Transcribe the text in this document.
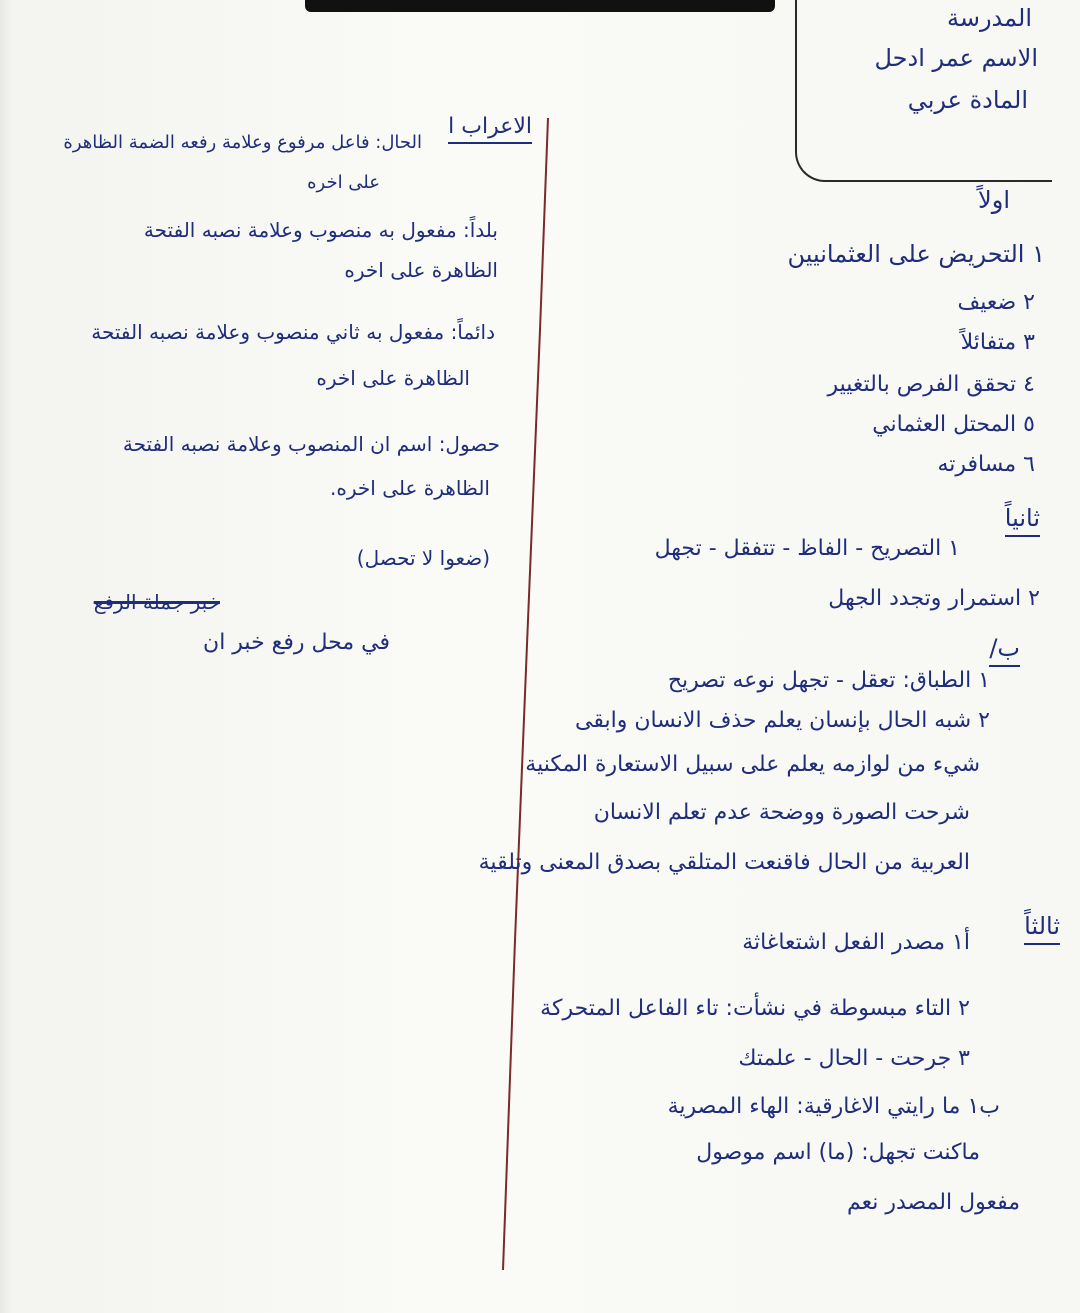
المدرسة
الاسم عمر ادحل
المادة عربي
اولاً
١ التحريض على العثمانيين
٢ ضعيف
٣ متفائلاً
٤ تحقق الفرص بالتغيير
٥ المحتل العثماني
٦ مسافرته
ثانياً
١ التصريح - الفاظ - تتفقل - تجهل
٢ استمرار وتجدد الجهل
ب/
١ الطباق: تعقل - تجهل نوعه تصريح
٢ شبه الحال بإنسان يعلم حذف الانسان وابقى
شيء من لوازمه يعلم على سبيل الاستعارة المكنية
شرحت الصورة ووضحة عدم تعلم الانسان
العربية من الحال فاقنعت المتلقي بصدق المعنى وتلقية
ثالثاً
أ١ مصدر الفعل اشتعاغاثة
٢ التاء مبسوطة في نشأت: تاء الفاعل المتحركة
٣ جرحت - الحال - علمتك
ب١ ما رايتي الاغارقية: الهاء المصرية
ماكنت تجهل: (ما) اسم موصول
مفعول المصدر نعم
الاعراب ا
الحال: فاعل مرفوع وعلامة رفعه الضمة الظاهرة
على اخره
بلداً: مفعول به منصوب وعلامة نصبه الفتحة
الظاهرة على اخره
دائماً: مفعول به ثاني منصوب وعلامة نصبه الفتحة
الظاهرة على اخره
حصول: اسم ان المنصوب وعلامة نصبه الفتحة
الظاهرة على اخره.
(ضعوا لا تحصل)
خبر جملة الرفع
في محل رفع خبر ان
